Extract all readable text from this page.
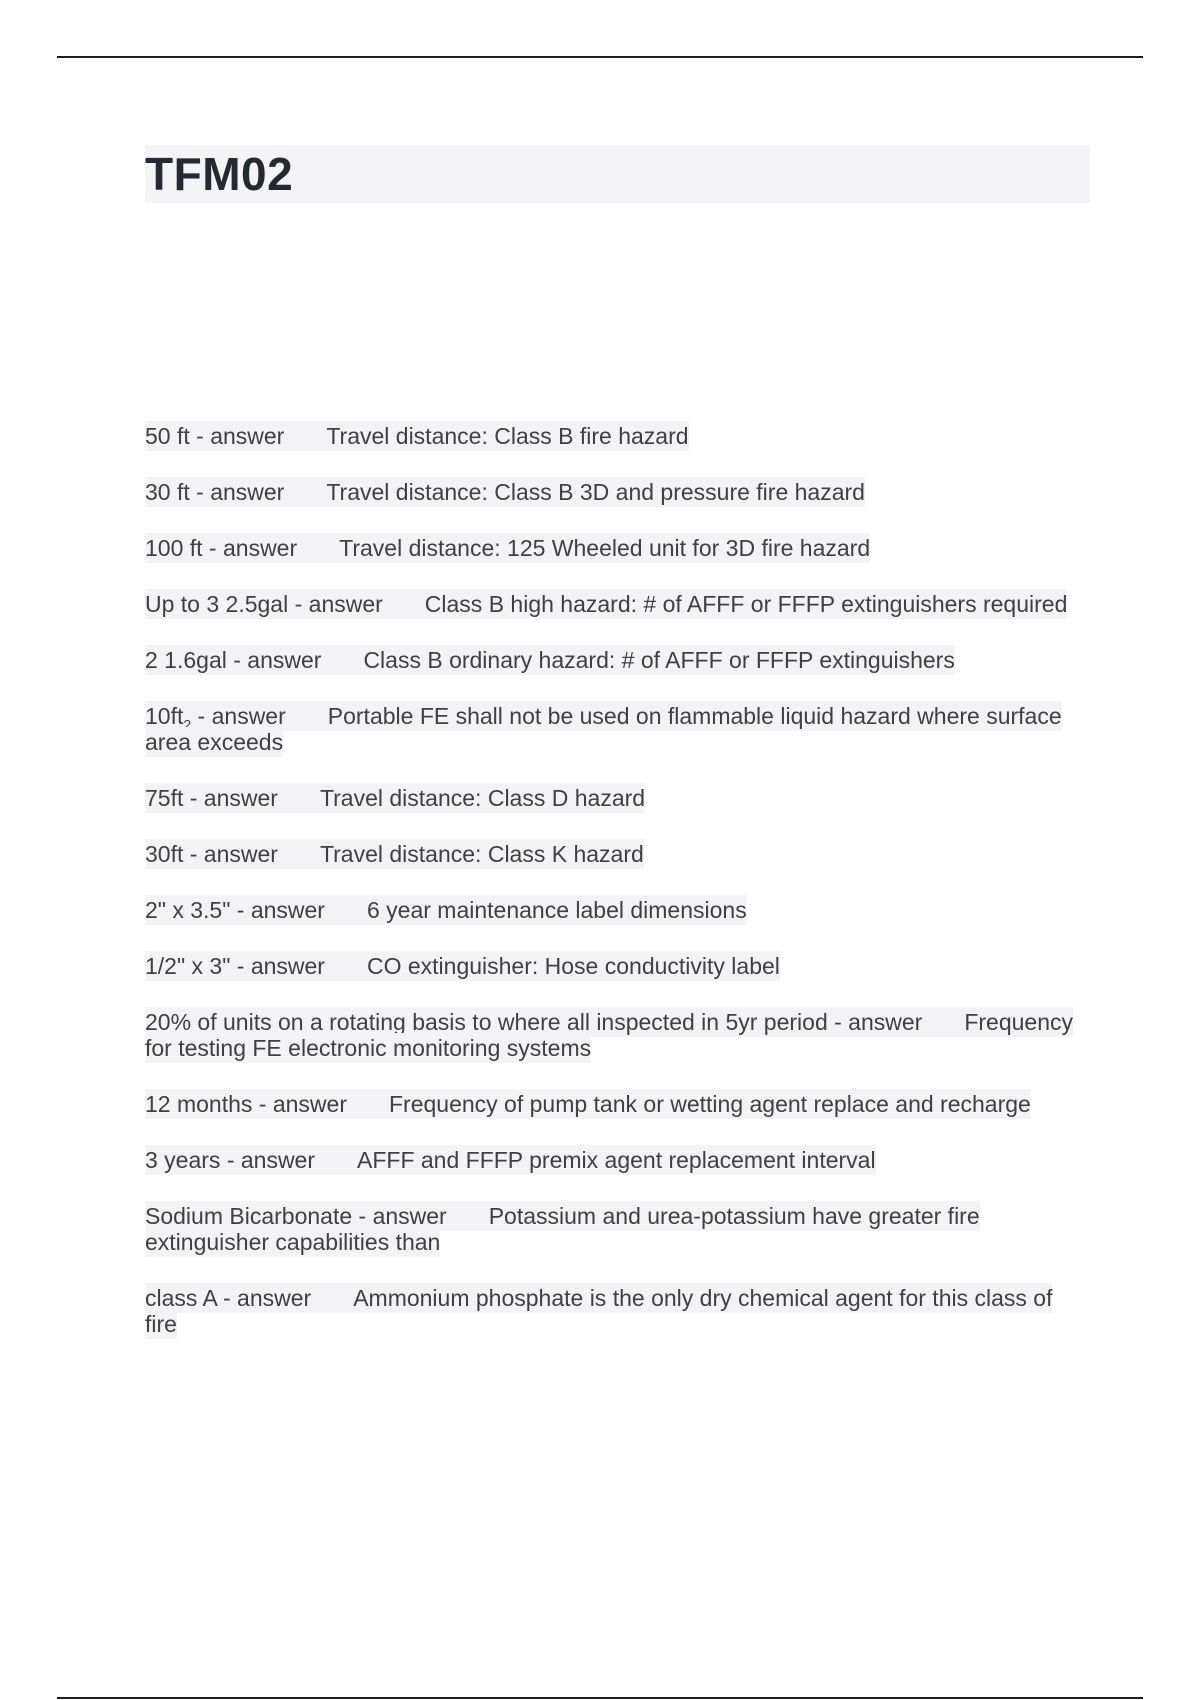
TFM02
50 ft - answer Travel distance: Class B fire hazard
30 ft - answer Travel distance: Class B 3D and pressure fire hazard
100 ft - answer Travel distance: 125 Wheeled unit for 3D fire hazard
Up to 3 2.5gal - answer Class B high hazard: # of AFFF or FFFP extinguishers required
2 1.6gal - answer Class B ordinary hazard: # of AFFF or FFFP extinguishers
$10ft_2$ - answer Portable FE shall not be used on flammable liquid hazard where surface area exceeds
75ft - answer Travel distance: Class D hazard
30ft - answer Travel distance: Class K hazard
2" x 3.5" - answer 6 year maintenance label dimensions
1/2" x 3" - answer CO extinguisher: Hose conductivity label
20% of units on a rotating basis to where all inspected in 5yr period - answer Frequency for testing FE electronic monitoring systems
12 months - answer Frequency of pump tank or wetting agent replace and recharge
3 years - answer AFFF and FFFP premix agent replacement interval
Sodium Bicarbonate - answer Potassium and urea-potassium have greater fire extinguisher capabilities than
class A - answer Ammonium phosphate is the only dry chemical agent for this class of fire
